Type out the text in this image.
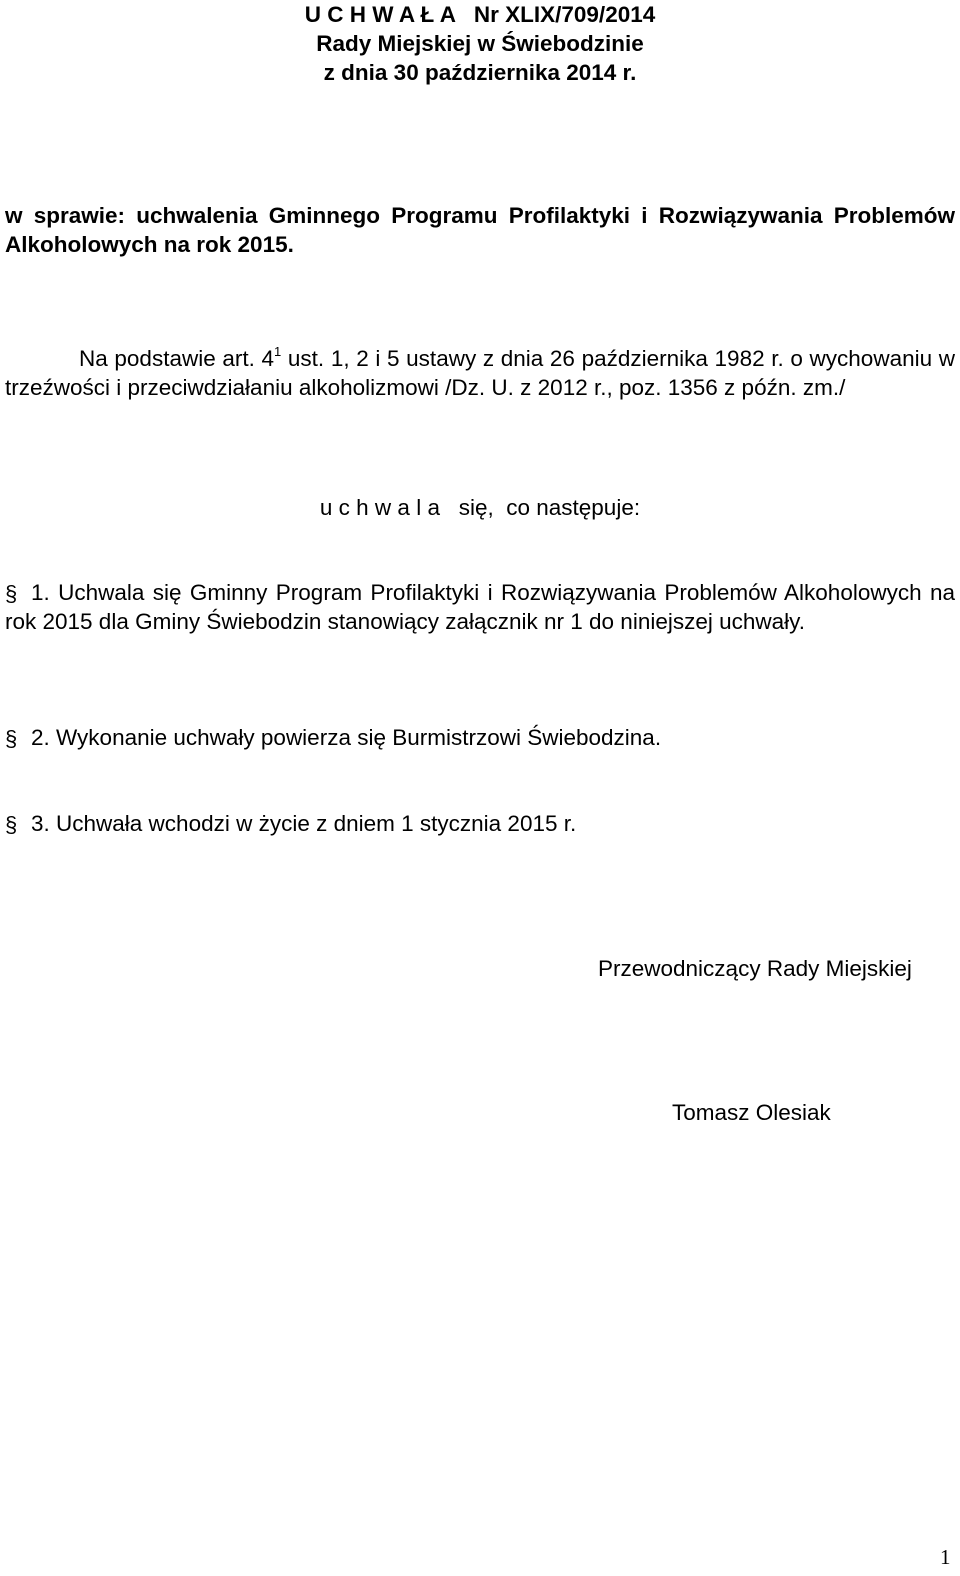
U C H W A Ł A   Nr XLIX/709/2014
Rady Miejskiej w Świebodzinie
z dnia 30 października 2014 r.
w sprawie: uchwalenia Gminnego Programu Profilaktyki i Rozwiązywania Problemów Alkoholowych na rok 2015.
Na podstawie art. $4^1$ ust. 1, 2 i 5 ustawy z dnia 26 października 1982 r. o wychowaniu w trzeźwości i przeciwdziałaniu alkoholizmowi /Dz. U. z 2012 r., poz. 1356 z późn. zm./
u c h w a l a   się,  co następuje:
§ 1. Uchwala się Gminny Program Profilaktyki i Rozwiązywania Problemów Alkoholowych na rok 2015 dla Gminy Świebodzin stanowiący załącznik nr 1 do niniejszej uchwały.
§ 2. Wykonanie uchwały powierza się Burmistrzowi Świebodzina.
§ 3. Uchwała wchodzi w życie z dniem 1 stycznia 2015 r.
Przewodniczący Rady Miejskiej
Tomasz Olesiak
1
